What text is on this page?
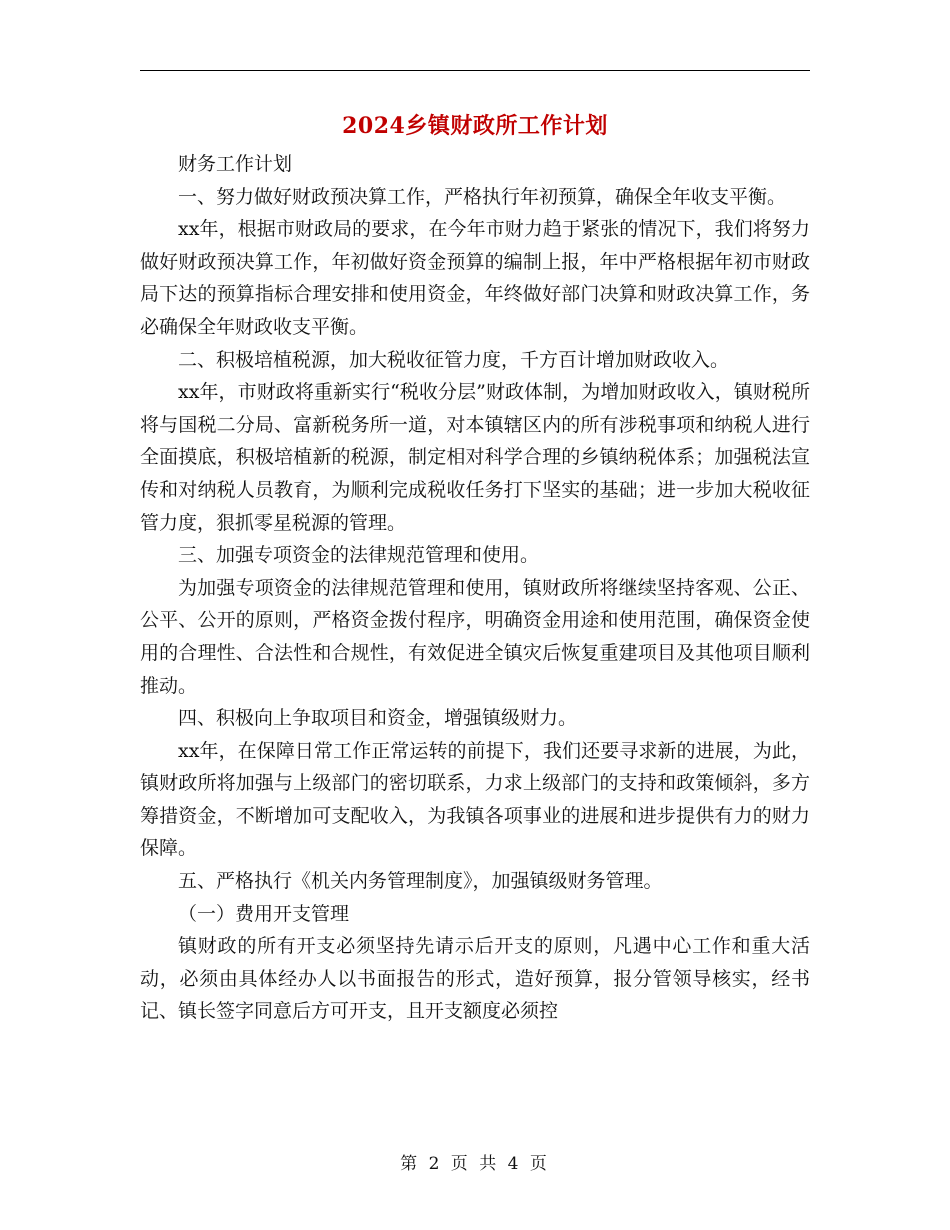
2024乡镇财政所工作计划

财务工作计划

一、努力做好财政预决算工作，严格执行年初预算，确保全年收支平衡。

xx年，根据市财政局的要求，在今年市财力趋于紧张的情况下，我们将努力做好财政预决算工作，年初做好资金预算的编制上报，年中严格根据年初市财政局下达的预算指标合理安排和使用资金，年终做好部门决算和财政决算工作，务必确保全年财政收支平衡。

二、积极培植税源，加大税收征管力度，千方百计增加财政收入。

xx年，市财政将重新实行“税收分层”财政体制，为增加财政收入，镇财税所将与国税二分局、富新税务所一道，对本镇辖区内的所有涉税事项和纳税人进行全面摸底，积极培植新的税源，制定相对科学合理的乡镇纳税体系；加强税法宣传和对纳税人员教育，为顺利完成税收任务打下坚实的基础；进一步加大税收征管力度，狠抓零星税源的管理。

三、加强专项资金的法律规范管理和使用。

为加强专项资金的法律规范管理和使用，镇财政所将继续坚持客观、公正、公平、公开的原则，严格资金拨付程序，明确资金用途和使用范围，确保资金使用的合理性、合法性和合规性，有效促进全镇灾后恢复重建项目及其他项目顺利推动。

四、积极向上争取项目和资金，增强镇级财力。

xx年，在保障日常工作正常运转的前提下，我们还要寻求新的进展，为此，镇财政所将加强与上级部门的密切联系，力求上级部门的支持和政策倾斜，多方筹措资金，不断增加可支配收入，为我镇各项事业的进展和进步提供有力的财力保障。

五、严格执行《机关内务管理制度》，加强镇级财务管理。

（一）费用开支管理

镇财政的所有开支必须坚持先请示后开支的原则，凡遇中心工作和重大活动，必须由具体经办人以书面报告的形式，造好预算，报分管领导核实，经书记、镇长签字同意后方可开支，且开支额度必须控

第 2 页 共 4 页
